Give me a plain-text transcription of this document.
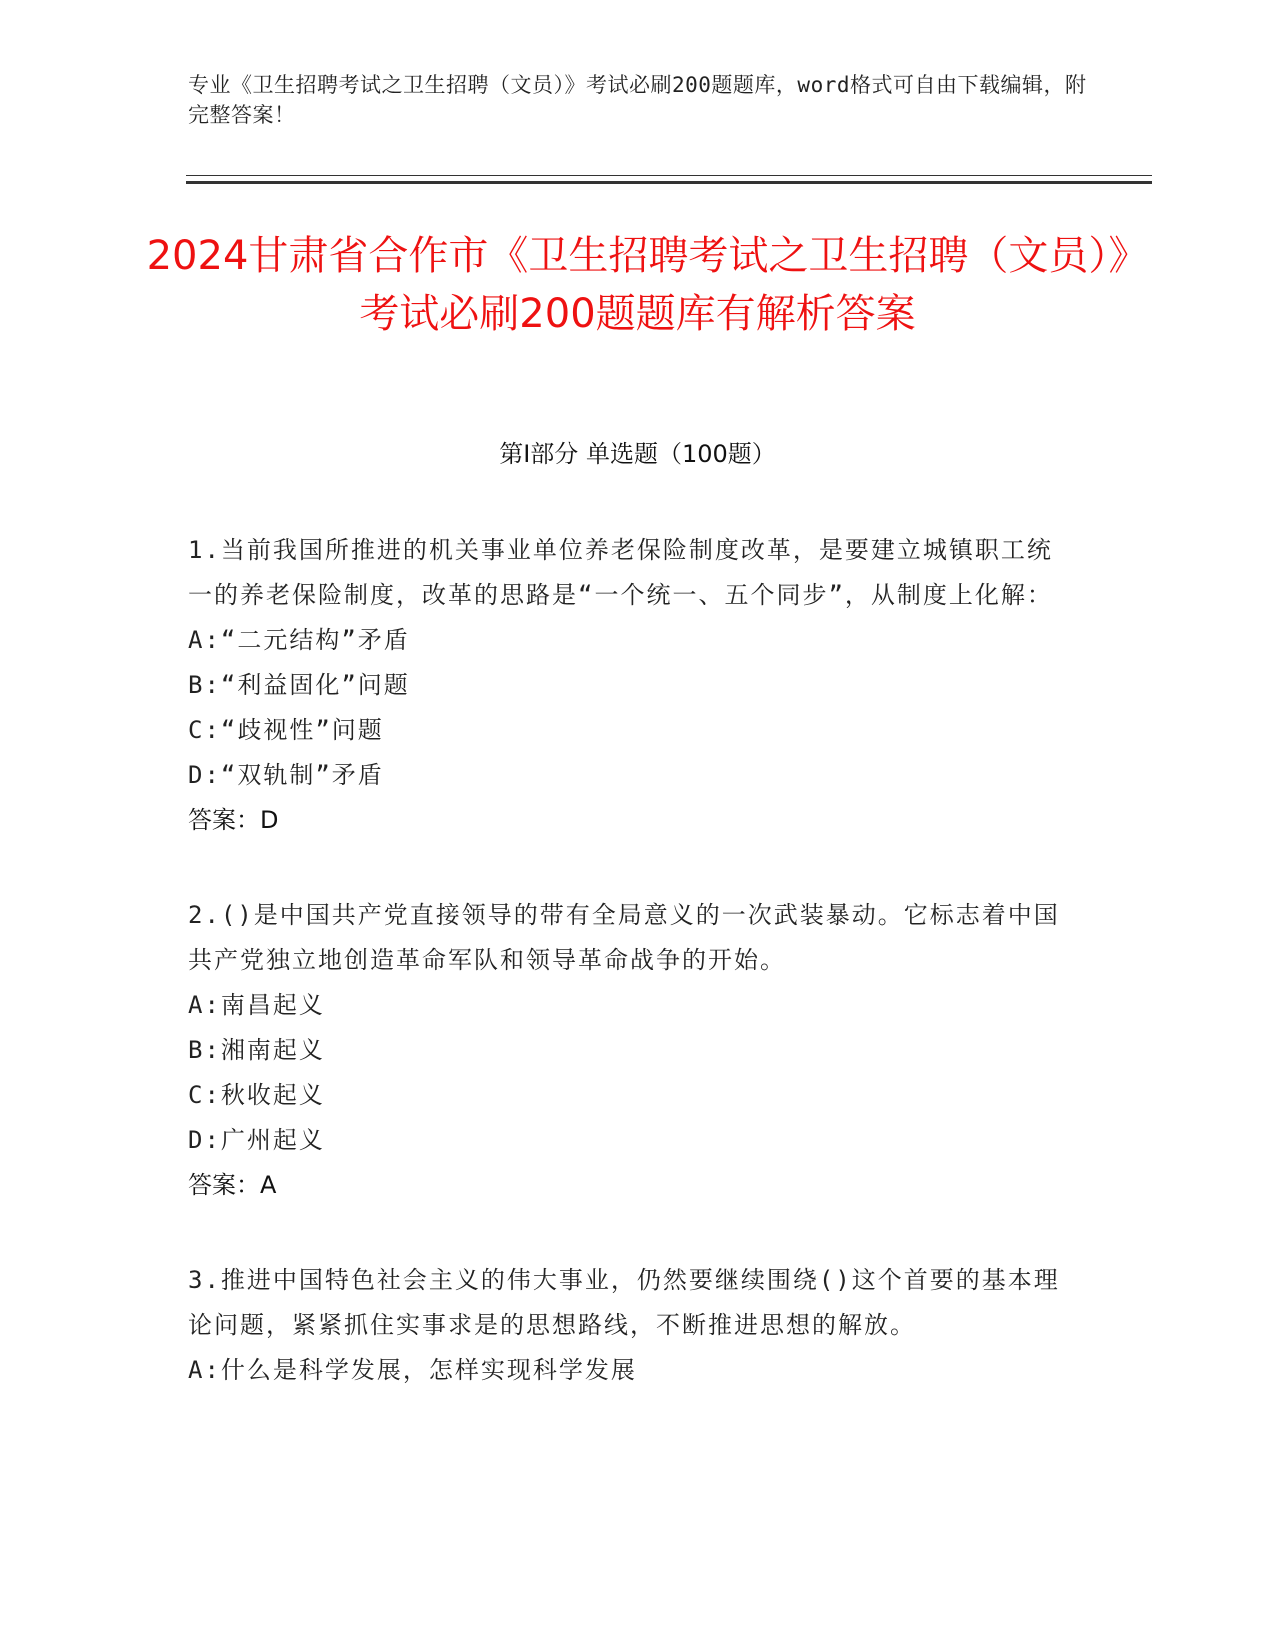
专业《卫生招聘考试之卫生招聘（文员）》考试必刷200题题库，word格式可自由下载编辑，附完整答案！
2024甘肃省合作市《卫生招聘考试之卫生招聘（文员）》考试必刷200题题库有解析答案
第I部分 单选题（100题）
1.当前我国所推进的机关事业单位养老保险制度改革，是要建立城镇职工统一的养老保险制度，改革的思路是“一个统一、五个同步”，从制度上化解：
A:“二元结构”矛盾
B:“利益固化”问题
C:“歧视性”问题
D:“双轨制”矛盾
答案：D
2.()是中国共产党直接领导的带有全局意义的一次武装暴动。它标志着中国共产党独立地创造革命军队和领导革命战争的开始。
A:南昌起义
B:湘南起义
C:秋收起义
D:广州起义
答案：A
3.推进中国特色社会主义的伟大事业，仍然要继续围绕()这个首要的基本理论问题，紧紧抓住实事求是的思想路线，不断推进思想的解放。
A:什么是科学发展，怎样实现科学发展
